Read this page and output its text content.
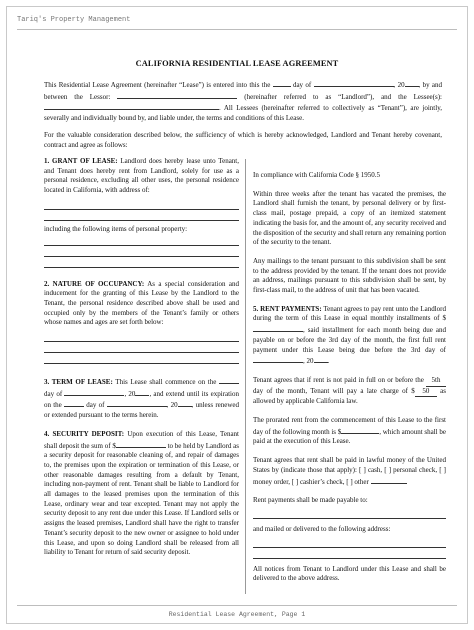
Tariq's Property Management
CALIFORNIA RESIDENTIAL LEASE AGREEMENT

This Residential Lease Agreement (hereinafter “Lease”) is entered into this the	day of	, 20 , by and between the Lessor:	(hereinafter referred to as “Landlord”), and the Lessee(s): . All Lessees (hereinafter referred to collectively as “Tenant”), are jointly, severally and individually bound by, and liable under, the terms and conditions of this Lease.

For the valuable consideration described below, the sufficiency of which is hereby acknowledged, Landlord and Tenant hereby covenant, contract and agree as follows:

1. GRANT OF LEASE: Landlord does hereby lease unto Tenant, and Tenant does hereby rent from Landlord, solely for use as a personal residence, excluding all other uses, the personal residence located in California, with address of:

including the following items of personal property:

2. NATURE OF OCCUPANCY: As a special consideration and inducement for the granting of this Lease by the Landlord to the Tenant, the personal residence described above shall be used and occupied only by the members of the Tenant’s family or others whose names and ages are set forth below:

3. TERM OF LEASE: This Lease shall commence on the  day of	, 20 , and extend until its expiration on the	day of	, 20 , unless renewed or extended pursuant to the terms herein.

4. SECURITY DEPOSIT: Upon execution of this Lease, Tenant shall deposit the sum of $	to be held by Landlord as a security deposit for reasonable cleaning of, and repair of damages to, the premises upon the expiration or termination of this Lease, or other reasonable damages resulting from a default by Tenant, including non-payment of rent. Tenant shall be liable to Landlord for all damages to the leased premises upon the termination of this Lease, ordinary wear and tear excepted. Tenant may not apply the security deposit to any rent due under this Lease. If Landlord sells or assigns the leased premises, Landlord shall have the right to transfer Tenant’s security deposit to the new owner or assignee to hold under this Lease, and upon so doing Landlord shall be released from all liability to Tenant for return of said security deposit.

In compliance with California Code § 1950.5

Within three weeks after the tenant has vacated the premises, the Landlord shall furnish the tenant, by personal delivery or by first-class mail, postage prepaid, a copy of an itemized statement indicating the basis for, and the amount of, any security received and the disposition of the security and shall return any remaining portion of the security to the tenant.

Any mailings to the tenant pursuant to this subdivision shall be sent to the address provided by the tenant. If the tenant does not provide an address, mailings pursuant to this subdivision shall be sent, by first-class mail, to the address of unit that has been vacated.

5. RENT PAYMENTS: Tenant agrees to pay rent unto the Landlord during the term of this Lease in equal monthly installments of $, said installment for each month being due and payable on or before the 3rd day of the month, the first full rent payment under this Lease being due before the 3rd day of , 20 .

Tenant agrees that if rent is not paid in full on or before the 5th day of the month, Tenant will pay a late charge of $ 50 as allowed by applicable California law.

The prorated rent from the commencement of this Lease to the first day of the following month is $	, which amount shall be paid at the execution of this Lease.

Tenant agrees that rent shall be paid in lawful money of the United States by (indicate those that apply): [ ] cash, [ ] personal check, [ ] money order, [ ] cashier’s check, [ ] other

Rent payments shall be made payable to:

and mailed or delivered to the following address:

All notices from Tenant to Landlord under this Lease and shall be delivered to the above address.

Residential Lease Agreement, Page 1
